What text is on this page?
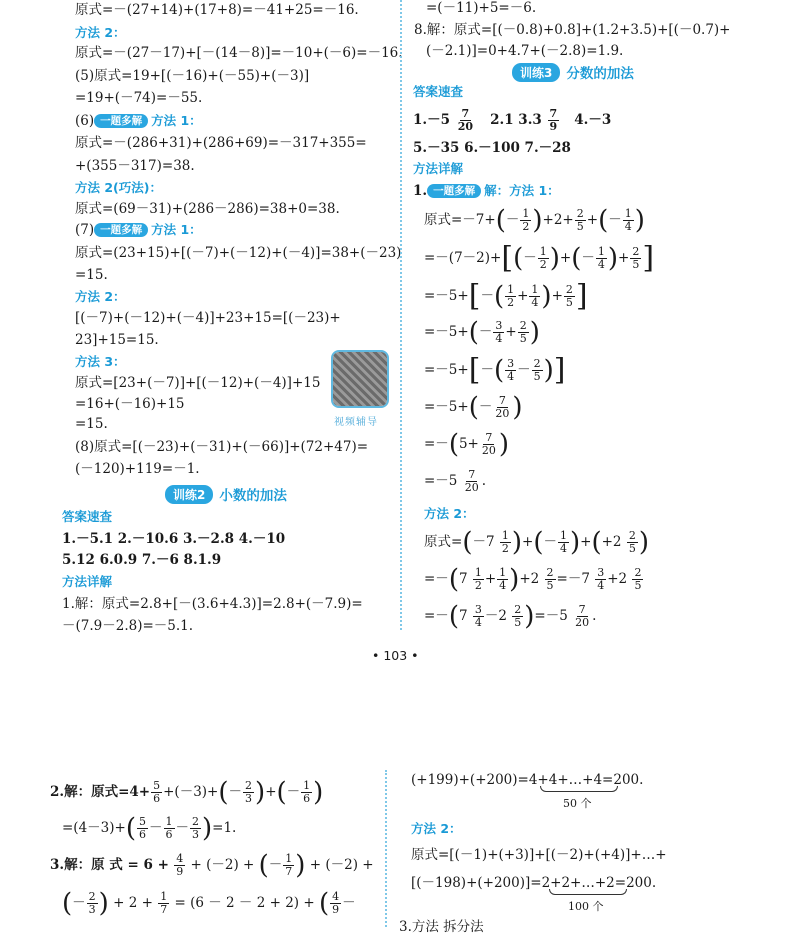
原式=－(27+14)+(17+8)=－41+25=－16.
方法 2：
原式=－(27－17)+[－(14－8)]=－10+(－6)=－16.
(5)原式=19+[(－16)+(－55)+(－3)]
=19+(－74)=－55.
(6) 一题多解 方法 1：
原式=－(286+31)+(286+69)=－317+355=
+(355－317)=38.
方法 2(巧法)：
原式=(69－31)+(286－286)=38+0=38.
(7) 一题多解 方法 1：
原式=(23+15)+[(－7)+(－12)+(－4)]=38+(－23)
=15.
方法 2：
[(－7)+(－12)+(－4)]+23+15=[(－23)+
23]+15=15.
方法 3：
原式=[23+(－7)]+[(－12)+(－4)]+15
=16+(－16)+15
=15.
(8)原式=[(－23)+(－31)+(－66)]+(72+47)=
(－120)+119=－1.
视频辅导
训练2	小数的加法
答案速查
1.－5.1 2.－10.6 3.－2.8 4.－10
5.12 6.0.9 7.－6 8.1.9
方法详解
1.解：原式=2.8+[－(3.6+4.3)]=2.8+(－7.9)=
－(7.9－2.8)=－5.1.
=(－11)+5=－6.
8.解：原式=[(－0.8)+0.8]+(1.2+3.5)+[(－0.7)+
(－2.1)]=0+4.7+(－2.8)=1.9.
训练3	分数的加法
答案速查
$1.-5 \frac{7}{20} 2.1$ $3.3 \frac{7}{9} 4.-3$
5.－35 6.－100 7.－28
方法详解
1. 一题多解 解：方法 1：
原式$=-7+(- \frac{1}{2} )+2+ \frac{2}{5}$ +(－ $\frac{1}{4}$ )
$=-(7-2)+[(- \frac{1}{2}$ )+(－ $\frac{1}{4}$ )+ $\frac{2}{5}$ ]
$=-5+[-( \frac{1}{2} + \frac{1}{4}$ )+ $\frac{2}{5}$ ]
$=-5+(- \frac{3}{4} + \frac{2}{5}$ )
$=-5+[-( \frac{3}{4} - \frac{2}{5}$ )]
$=-5+(- \frac{7}{20}$ )
$=-(5+ \frac{7}{20}$ )
$=-5 \frac{7}{20}$ .
方法 2：
原式$=(-7 \frac{1}{2}$ )+(－ $\frac{1}{4} )+(+2 \frac{2}{5}$ )
$=-(7 \frac{1}{2} + \frac{1}{4} )+2 \frac{2}{5} =-7 \frac{3}{4} +2 \frac{2}{5}$
$=-(7 \frac{3}{4} -2 \frac{2}{5} )=-5 \frac{7}{20}$ .
• 103 •
2.解：原式$=4+ \frac{5}{6} +(-3)+(- \frac{2}{3}$ )+(－ $\frac{1}{6}$ )
$=(4-3)+( \frac{5}{6} - \frac{1}{6} - \frac{2}{3} )=1$.
3.解：原 式 = $6 + \frac{4}{9} + (-2)$ + (－ $\frac{1}{7}$ ) + (－2) +
(－ $\frac{2}{3}$ ) + $2 + \frac{1}{7} = (6 - 2 - 2 + 2)$ + ( $\frac{4}{9}$ －
(+199)+(+200)=4+4+…+4=200.
50 个
方法 2：
原式=[(－1)+(+3)]+[(－2)+(+4)]+…+
[(－198)+(+200)]=2+2+…+2=200.
100 个
3.方法 拆分法
